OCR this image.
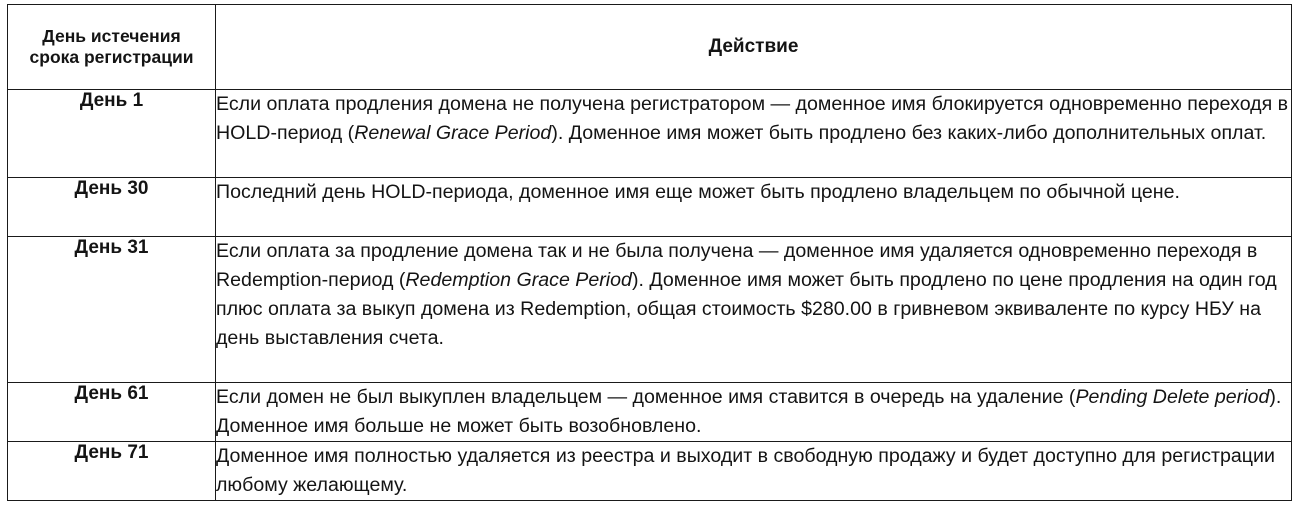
День истечения срока регистрации	Действие
День 1	Если оплата продления домена не получена регистратором — доменное имя блокируется одновременно переходя в HOLD-период (Renewal Grace Period). Доменное имя может быть продлено без каких-либо дополнительных оплат.
День 30	Последний день HOLD-периода, доменное имя еще может быть продлено владельцем по обычной цене.
День 31	Если оплата за продление домена так и не была получена — доменное имя удаляется одновременно переходя в Redemption-период (Redemption Grace Period). Доменное имя может быть продлено по цене продления на один год плюс оплата за выкуп домена из Redemption, общая стоимость $280.00 в гривневом эквиваленте по курсу НБУ на день выставления счета.
День 61	Если домен не был выкуплен владельцем — доменное имя ставится в очередь на удаление (Pending Delete period). Доменное имя больше не может быть возобновлено.
День 71	Доменное имя полностью удаляется из реестра и выходит в свободную продажу и будет доступно для регистрации любому желающему.
